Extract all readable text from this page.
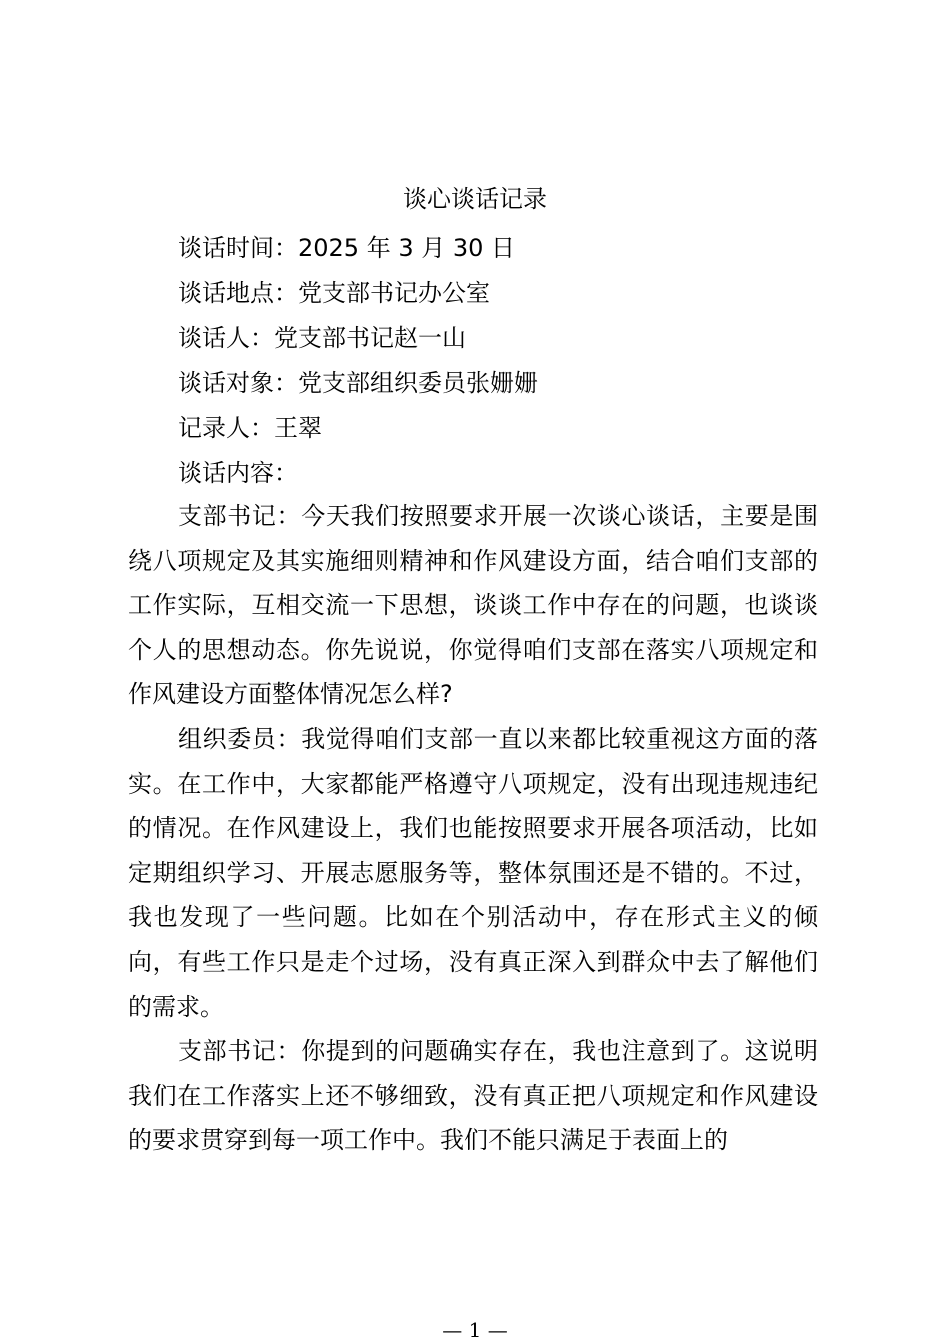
谈心谈话记录
谈话时间：2025 年 3 月 30 日
谈话地点：党支部书记办公室
谈话人：党支部书记赵一山
谈话对象：党支部组织委员张姗姗
记录人：王翠
谈话内容：

支部书记：今天我们按照要求开展一次谈心谈话，主要是围绕八项规定及其实施细则精神和作风建设方面，结合咱们支部的工作实际，互相交流一下思想，谈谈工作中存在的问题，也谈谈个人的思想动态。你先说说，你觉得咱们支部在落实八项规定和作风建设方面整体情况怎么样?

组织委员：我觉得咱们支部一直以来都比较重视这方面的落实。在工作中，大家都能严格遵守八项规定，没有出现违规违纪的情况。在作风建设上，我们也能按照要求开展各项活动，比如定期组织学习、开展志愿服务等，整体氛围还是不错的。不过，我也发现了一些问题。比如在个别活动中，存在形式主义的倾向，有些工作只是走个过场，没有真正深入到群众中去了解他们的需求。

支部书记：你提到的问题确实存在，我也注意到了。这说明我们在工作落实上还不够细致，没有真正把八项规定和作风建设的要求贯穿到每一项工作中。我们不能只满足于表面上的

— 1 —
